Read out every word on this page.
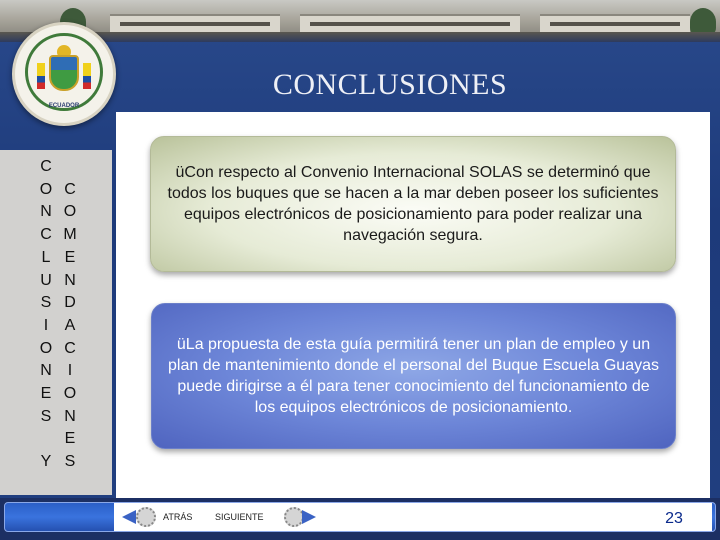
ECUADOR
CONCLUSIONES
C
O
N
C
L
U
S
I
O
N
E
S

Y

C
O
M
E
N
D
A
C
I
O
N
E
S
üCon respecto al Convenio Internacional SOLAS se determinó que todos los buques que se hacen a la mar deben poseer los suficientes equipos electrónicos de posicionamiento para poder realizar una navegación segura.
üLa propuesta de esta guía permitirá tener un plan de empleo y un plan de mantenimiento donde el personal del Buque Escuela Guayas puede dirigirse a él para tener conocimiento del funcionamiento de los equipos electrónicos de posicionamiento.
ATRÁS	SIGUIENTE	23
